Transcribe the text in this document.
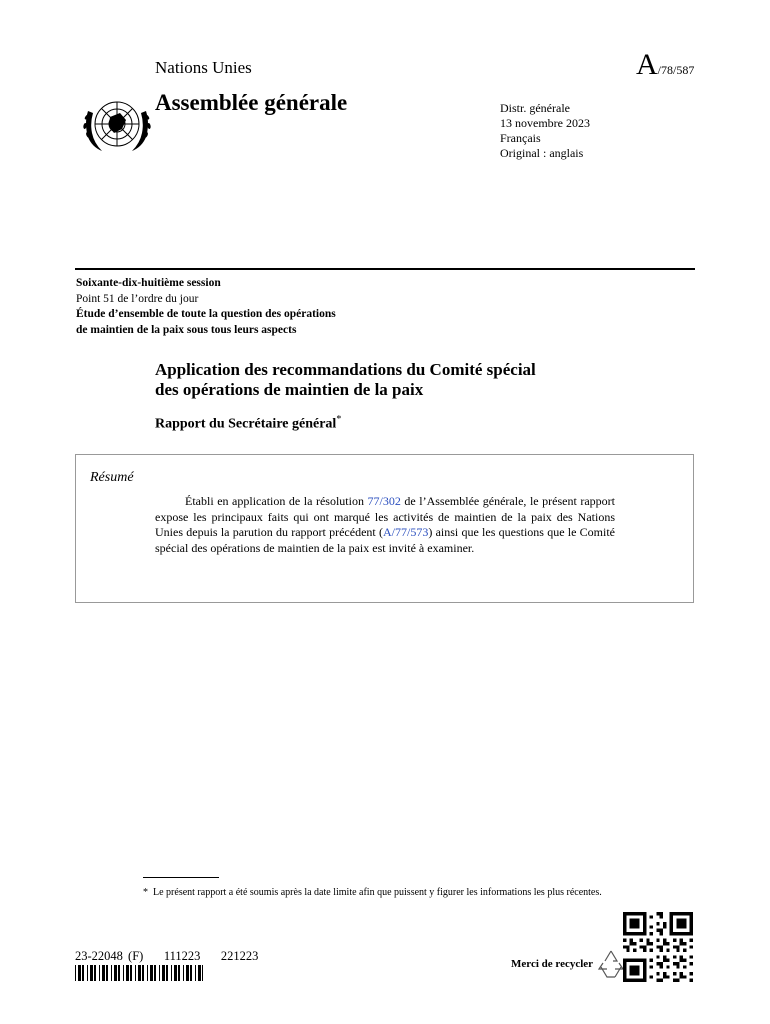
Nations Unies	A/78/587
Assemblée générale	Distr. générale
13 novembre 2023
Français
Original : anglais
Soixante-dix-huitième session
Point 51 de l’ordre du jour
Étude d’ensemble de toute la question des opérations
de maintien de la paix sous tous leurs aspects
Application des recommandations du Comité spécial
des opérations de maintien de la paix
Rapport du Secrétaire général*
Résumé
Établi en application de la résolution 77/302 de l’Assemblée générale, le présent rapport expose les principaux faits qui ont marqué les activités de maintien de la paix des Nations Unies depuis la parution du rapport précédent (A/77/573) ainsi que les questions que le Comité spécial des opérations de maintien de la paix est invité à examiner.
* Le présent rapport a été soumis après la date limite afin que puissent y figurer les informations les plus récentes.
23-22048 (F)    111223    221223
Merci de recycler
